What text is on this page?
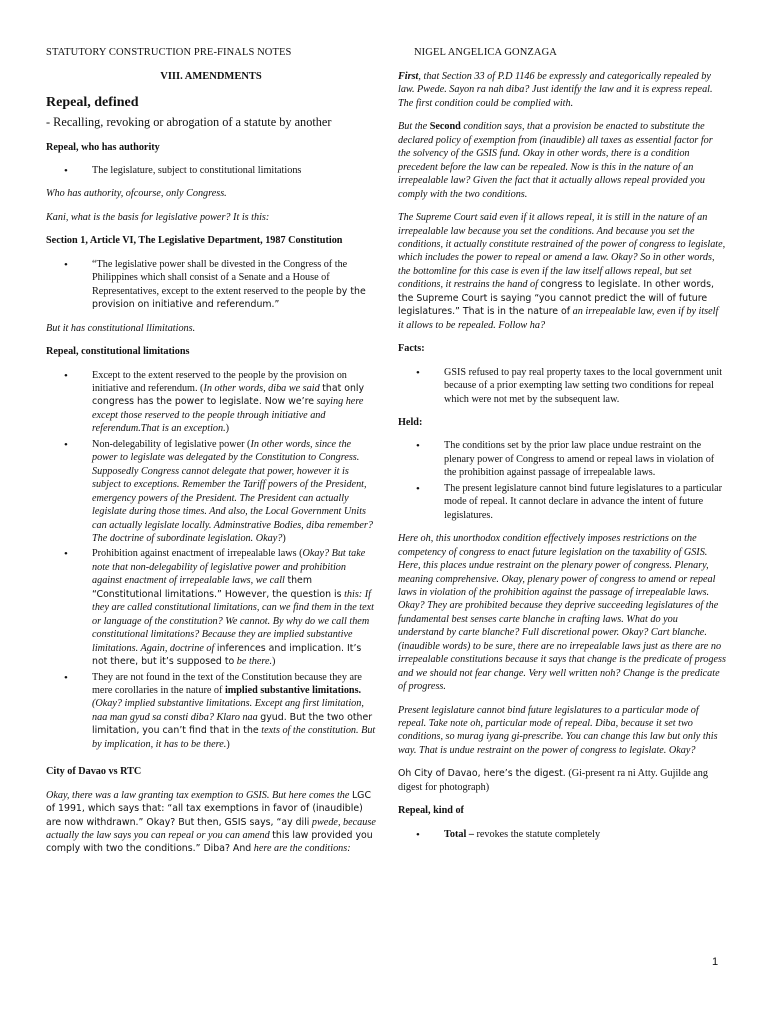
STATUTORY CONSTRUCTION PRE-FINALS NOTES	NIGEL ANGELICA GONZAGA
VIII. AMENDMENTS
Repeal, defined
- Recalling, revoking or abrogation of a statute by another
Repeal, who has authority
• The legislature, subject to constitutional limitations

Who has authority, ofcourse, only Congress.

Kani, what is the basis for legislative power? It is this:

Section 1, Article VI, The Legislative Department, 1987 Constitution
• “The legislative power shall be divested in the Congress of the Philippines which shall consist of a Senate and a House of Representatives, except to the extent reserved to the people by the provision on initiative and referendum.”

But it has constitutional llimitations.

Repeal, constitutional limitations
• Except to the extent reserved to the people by the provision on initiative and referendum. (In other words, diba we said that only congress has the power to legislate. Now we’re saying here except those reserved to the people through initiative and referendum.That is an exception.)
• Non-delegability of legislative power (In other words, since the power to legislate was delegated by the Constitution to Congress. Supposedly Congress cannot delegate that power, however it is subject to exceptions. Remember the Tariff powers of the President, emergency powers of the President. The President can actually legislate during those times. And also, the Local Government Units can actually legislate locally. Adminstrative Bodies, diba remember? The doctrine of subordinate legislation. Okay?)
• Prohibition against enactment of irrepealable laws (Okay? But take note that non-delegability of legislative power and prohibition against enactment of irrepealable laws, we call them “Constitutional limitations.” However, the question is this: If they are called constitutional limitations, can we find them in the text or language of the constitution? We cannot. By why do we call them constitutional limitations? Because they are implied substantive limitations. Again, doctrine of inferences and implication. It’s not there, but it’s supposed to be there.)
• They are not found in the text of the Constitution because they are mere corollaries in the nature of implied substantive limitations. (Okay? implied substantive limitations. Except ang first limitation, naa man gyud sa consti diba? Klaro naa gyud. But the two other limitation, you can’t find that in the texts of the constitution. But by implication, it has to be there.)
City of Davao vs RTC

Okay, there was a law granting tax exemption to GSIS. But here comes the LGC of 1991, which says that: “all tax exemptions in favor of (inaudible) are now withdrawn.” Okay? But then, GSIS says, “ay dili pwede, because actually the law says you can repeal or you can amend this law provided you comply with two the conditions.” Diba? And here are the conditions:

First, that Section 33 of P.D 1146 be expressly and categorically repealed by law. Pwede. Sayon ra nah diba? Just identify the law and it is express repeal. The first condition could be complied with.

But the Second condition says, that a provision be enacted to substitute the declared policy of exemption from (inaudible) all taxes as essential factor for the solvency of the GSIS fund. Okay in other words, there is a condition precedent before the law can be repealed. Now is this in the nature of an irrepealable law? Given the fact that it actually allows repeal provided you comply with the two conditions.

The Supreme Court said even if it allows repeal, it is still in the nature of an irrepealable law because you set the conditions. And because you set the conditions, it actually constitute restrained of the power of congress to legislate, which includes the power to repeal or amend a law. Okay? So in other words, the bottomline for this case is even if the law itself allows repeal, but set conditions, it restrains the hand of congress to legislate. In other words, the Supreme Court is saying “you cannot predict the will of future legislatures.” That is in the nature of an irrepealable law, even if by itself it allows to be repealed. Follow ha?

Facts:
• GSIS refused to pay real property taxes to the local government unit because of a prior exempting law setting two conditions for repeal which were not met by the subsequent law.
Held:
• The conditions set by the prior law place undue restraint on the plenary power of Congress to amend or repeal laws in violation of the prohibition against passage of irrepealable laws.
• The present legislature cannot bind future legislatures to a particular mode of repeal. It cannot declare in advance the intent of future legislatures.

Here oh, this unorthodox condition effectively imposes restrictions on the competency of congress to enact future legislation on the taxability of GSIS. Here, this places undue restraint on the plenary power of congress. Plenary, meaning comprehensive. Okay, plenary power of congress to amend or repeal laws in violation of the prohibition against the passage of irrepealable laws. Okay? They are prohibited because they deprive succeeding legislatures of the fundamental best senses carte blanche in crafting laws. What do you understand by carte blanche? Full discretional power. Okay? Cart blanche. (inaudible words) to be sure, there are no irrepealable laws just as there are no irrepealable constitutions because it says that change is the predicate of progess and we should not fear change. Very well written noh? Change is the predicate of progress.

Present legislature cannot bind future legislatures to a particular mode of repeal. Take note oh, particular mode of repeal. Diba, because it set two conditions, so murag iyang gi-prescribe. You can change this law but only this way. That is undue restraint on the power of congress to legislate. Okay?

Oh City of Davao, here’s the digest. (Gi-present ra ni Atty. Gujilde ang digest for photograph)

Repeal, kind of
• Total – revokes the statute completely
1
